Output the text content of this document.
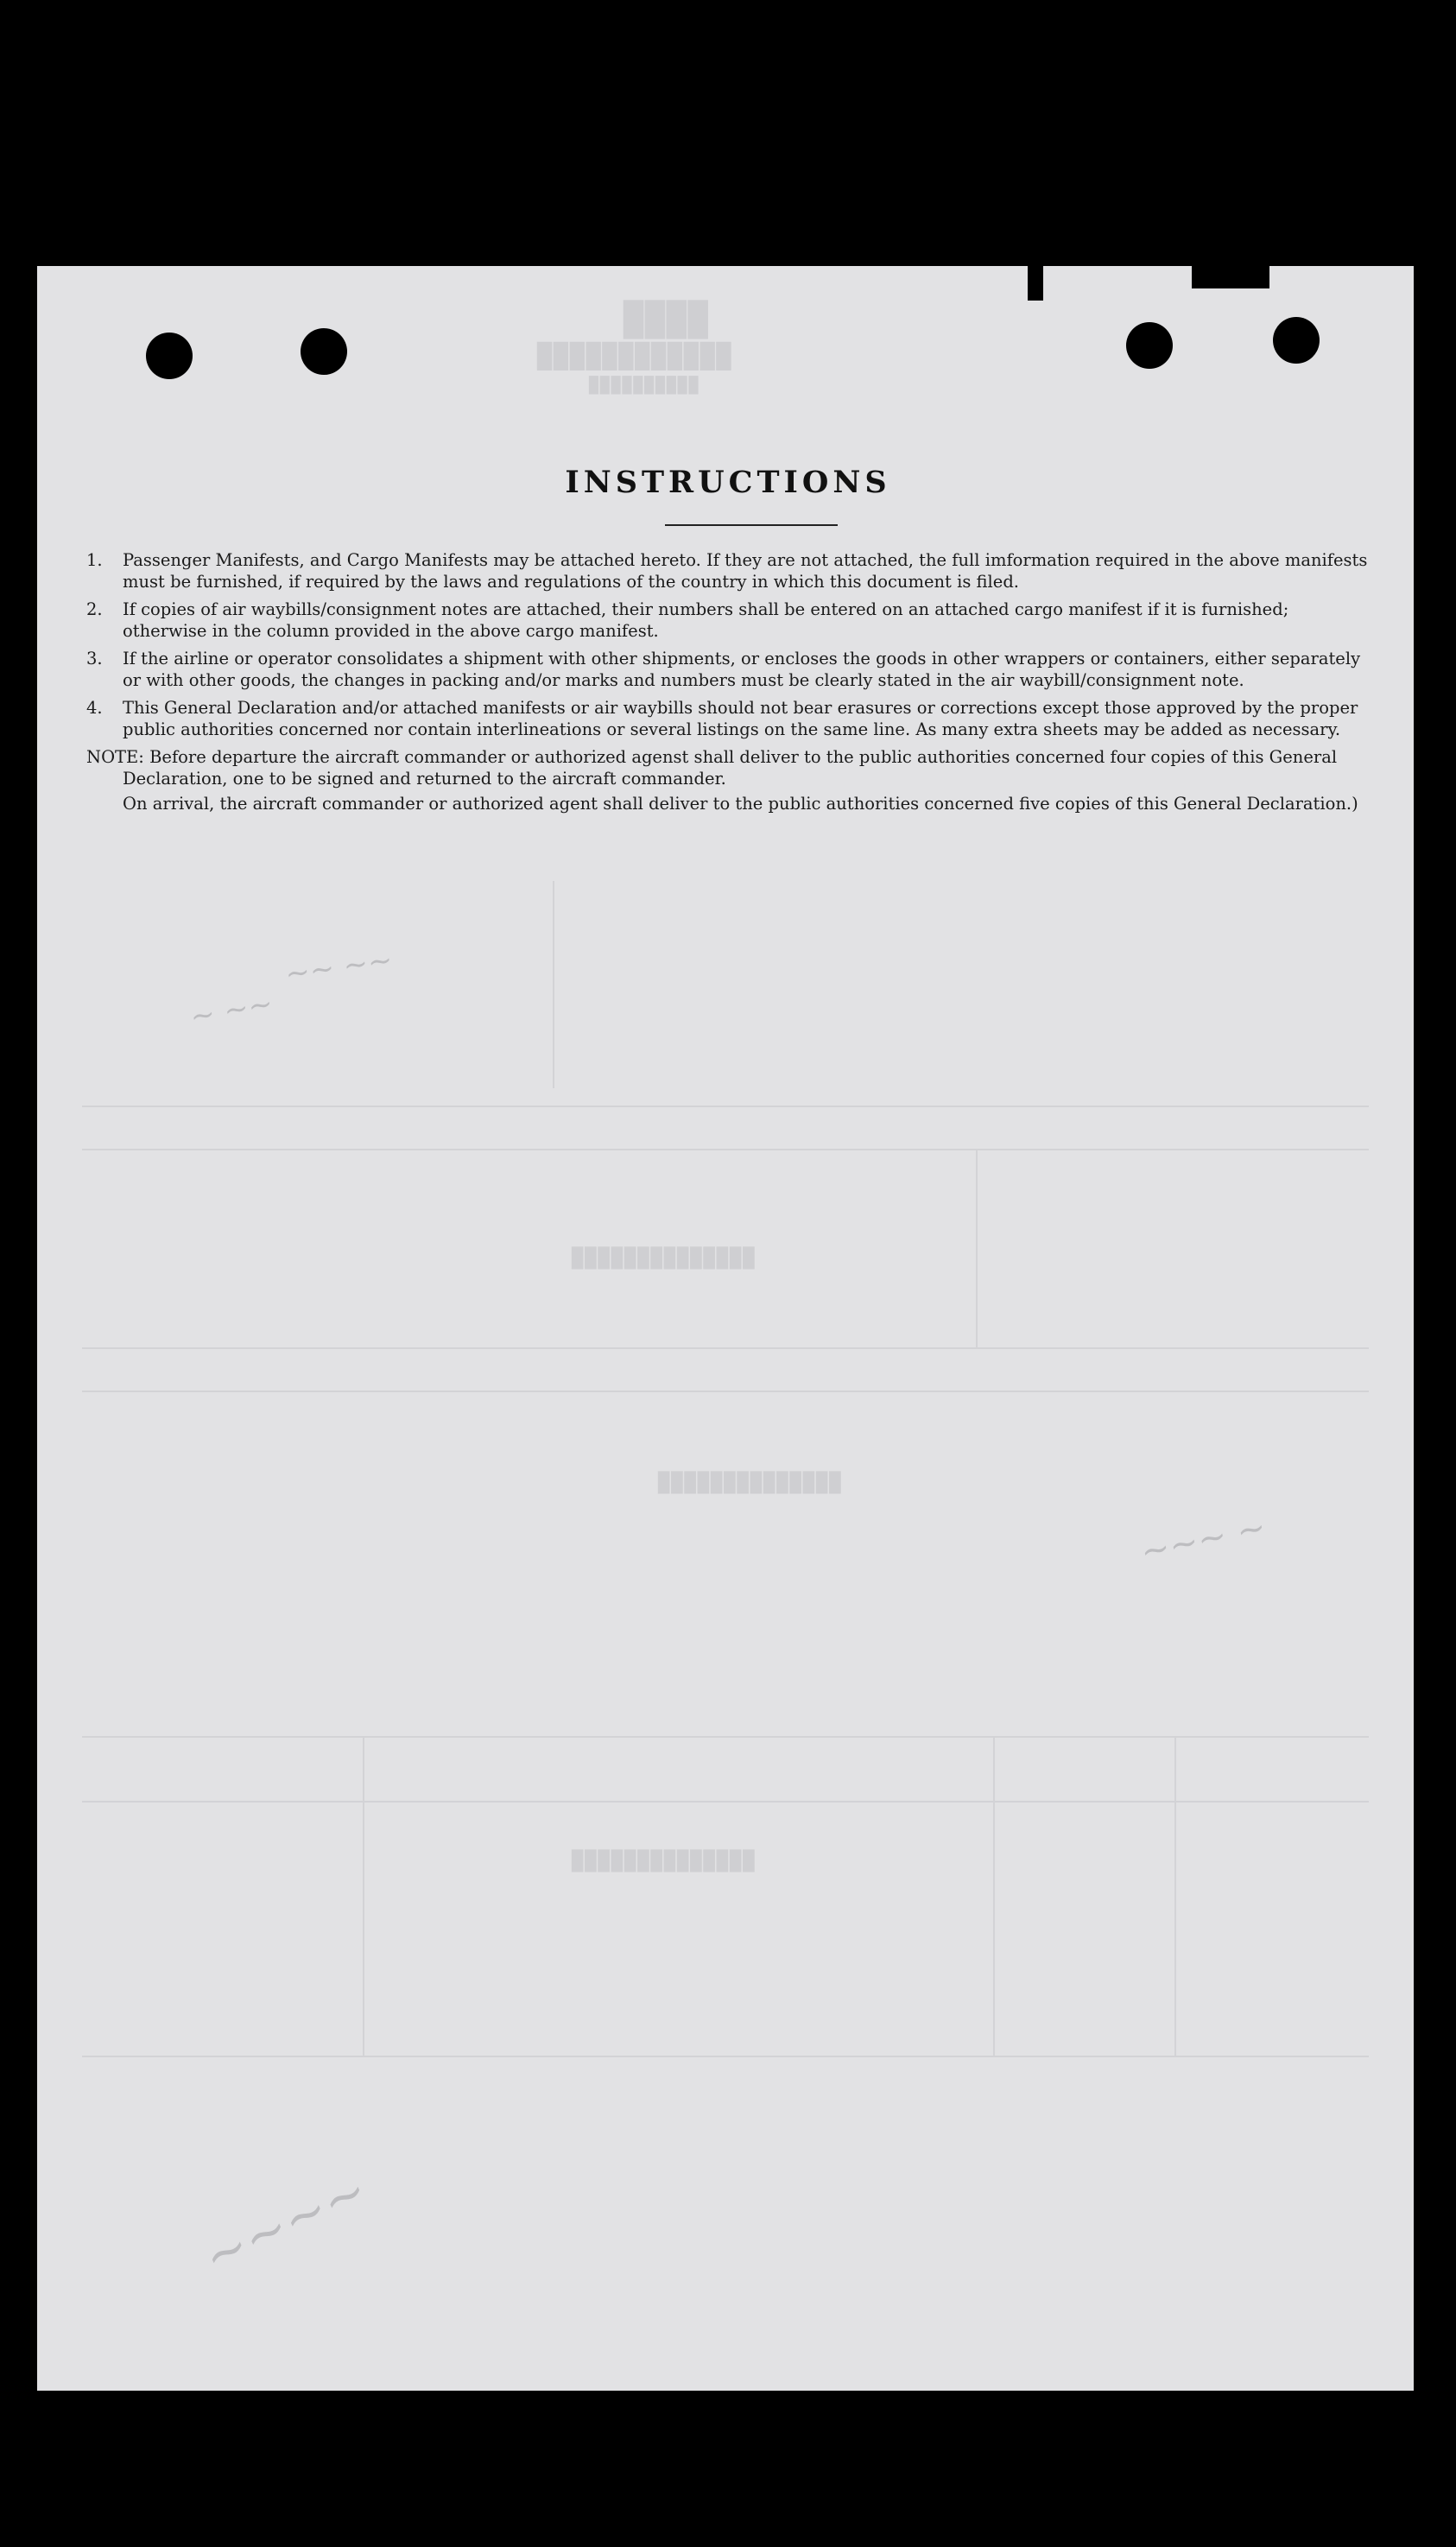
████
████████████
██████████
██████████████
██████████████
██████████████
~~ ~~
~ ~~
~~~ ~
~~~~
INSTRUCTIONS
1. Passenger Manifests, and Cargo Manifests may be attached hereto. If they are not attached, the full imformation required in the above manifests must be furnished, if required by the laws and regulations of the country in which this document is filed.
2. If copies of air waybills/consignment notes are attached, their numbers shall be entered on an attached cargo manifest if it is furnished; otherwise in the column provided in the above cargo manifest.
3. If the airline or operator consolidates a shipment with other shipments, or encloses the goods in other wrappers or containers, either separately or with other goods, the changes in packing and/or marks and numbers must be clearly stated in the air waybill/consignment note.
4. This General Declaration and/or attached manifests or air waybills should not bear erasures or corrections except those approved by the proper public authorities concerned nor contain interlineations or several listings on the same line. As many extra sheets may be added as necessary.

NOTE: Before departure the aircraft commander or authorized agenst shall deliver to the public authorities concerned four copies of this General Declaration, one to be signed and returned to the aircraft commander.

On arrival, the aircraft commander or authorized agent shall deliver to the public authorities concerned five copies of this General Declaration.)
